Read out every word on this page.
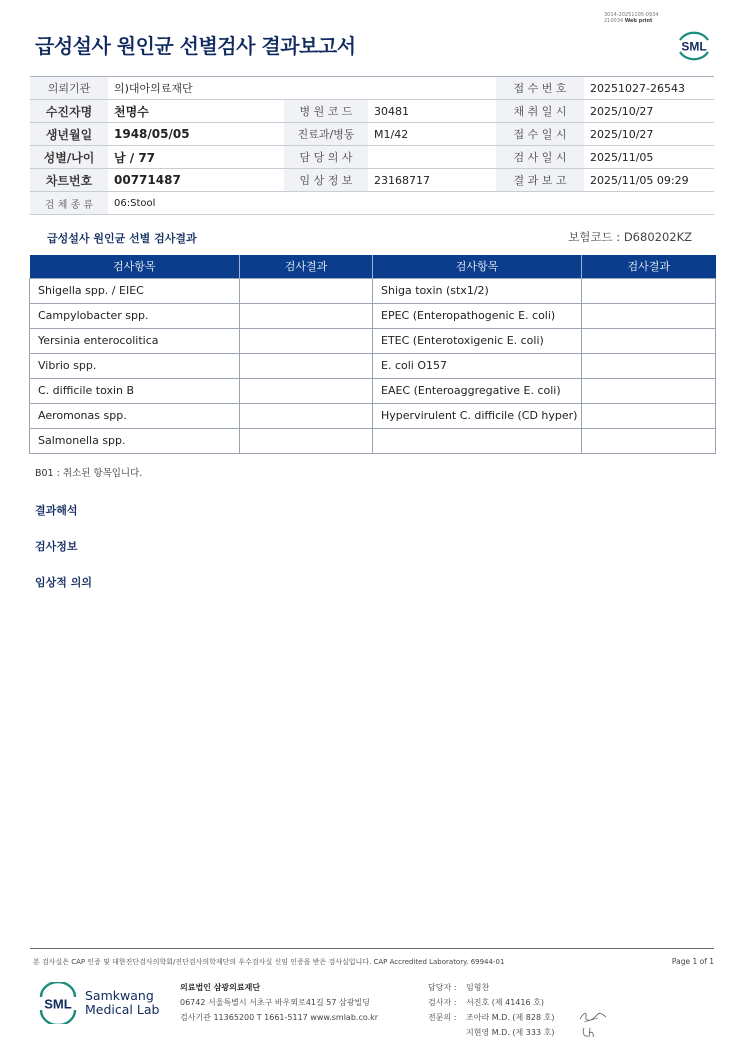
3014-20251105-0934
210034 Web print
급성설사 원인균 선별검사 결과보고서	SML
의뢰기관	의)대아의료재단			접 수 번 호	20251027-26543
수진자명	천명수	병 원 코 드	30481	채 취 일 시	2025/10/27
생년월일	1948/05/05	진료과/병동	M1/42	접 수 일 시	2025/10/27
성별/나이	남 / 77	담 당 의 사		검 사 일 시	2025/11/05
차트번호	00771487	임 상 정 보	23168717	결 과 보 고	2025/11/05 09:29
검 체 종 류	06:Stool				
급성설사 원인균 선별 검사결과	보험코드 : D680202KZ
검사항목	검사결과	검사항목	검사결과
Shigella spp. / EIEC		Shiga toxin (stx1/2)	
Campylobacter spp.		EPEC (Enteropathogenic E. coli)	
Yersinia enterocolitica		ETEC (Enterotoxigenic E. coli)	
Vibrio spp.		E. coli O157	
C. difficile toxin B		EAEC (Enteroaggregative E. coli)	
Aeromonas spp.		Hypervirulent C. difficile (CD hyper)	
Salmonella spp.			
B01 : 취소된 항목입니다.
결과해석
검사정보
임상적 의의
본 검사실은 CAP 인증 및 대한진단검사의학회/진단검사의학재단의 우수검사실 신임 인증을 받은 검사실입니다. CAP Accredited Laboratory. 69944-01	Page 1 of 1
SML
Samkwang
Medical Lab
의료법인 삼광의료재단
06742 서울특별시 서초구 바우뫼로41길 57 삼광빌딩
검사기관 11365200 T 1661-5117 www.smlab.co.kr
담당자 :	임형찬
검사자 :	서진호 (제 41416 호)
전문의 :	조아라 M.D. (제 828 호)
지현영 M.D. (제 333 호)
